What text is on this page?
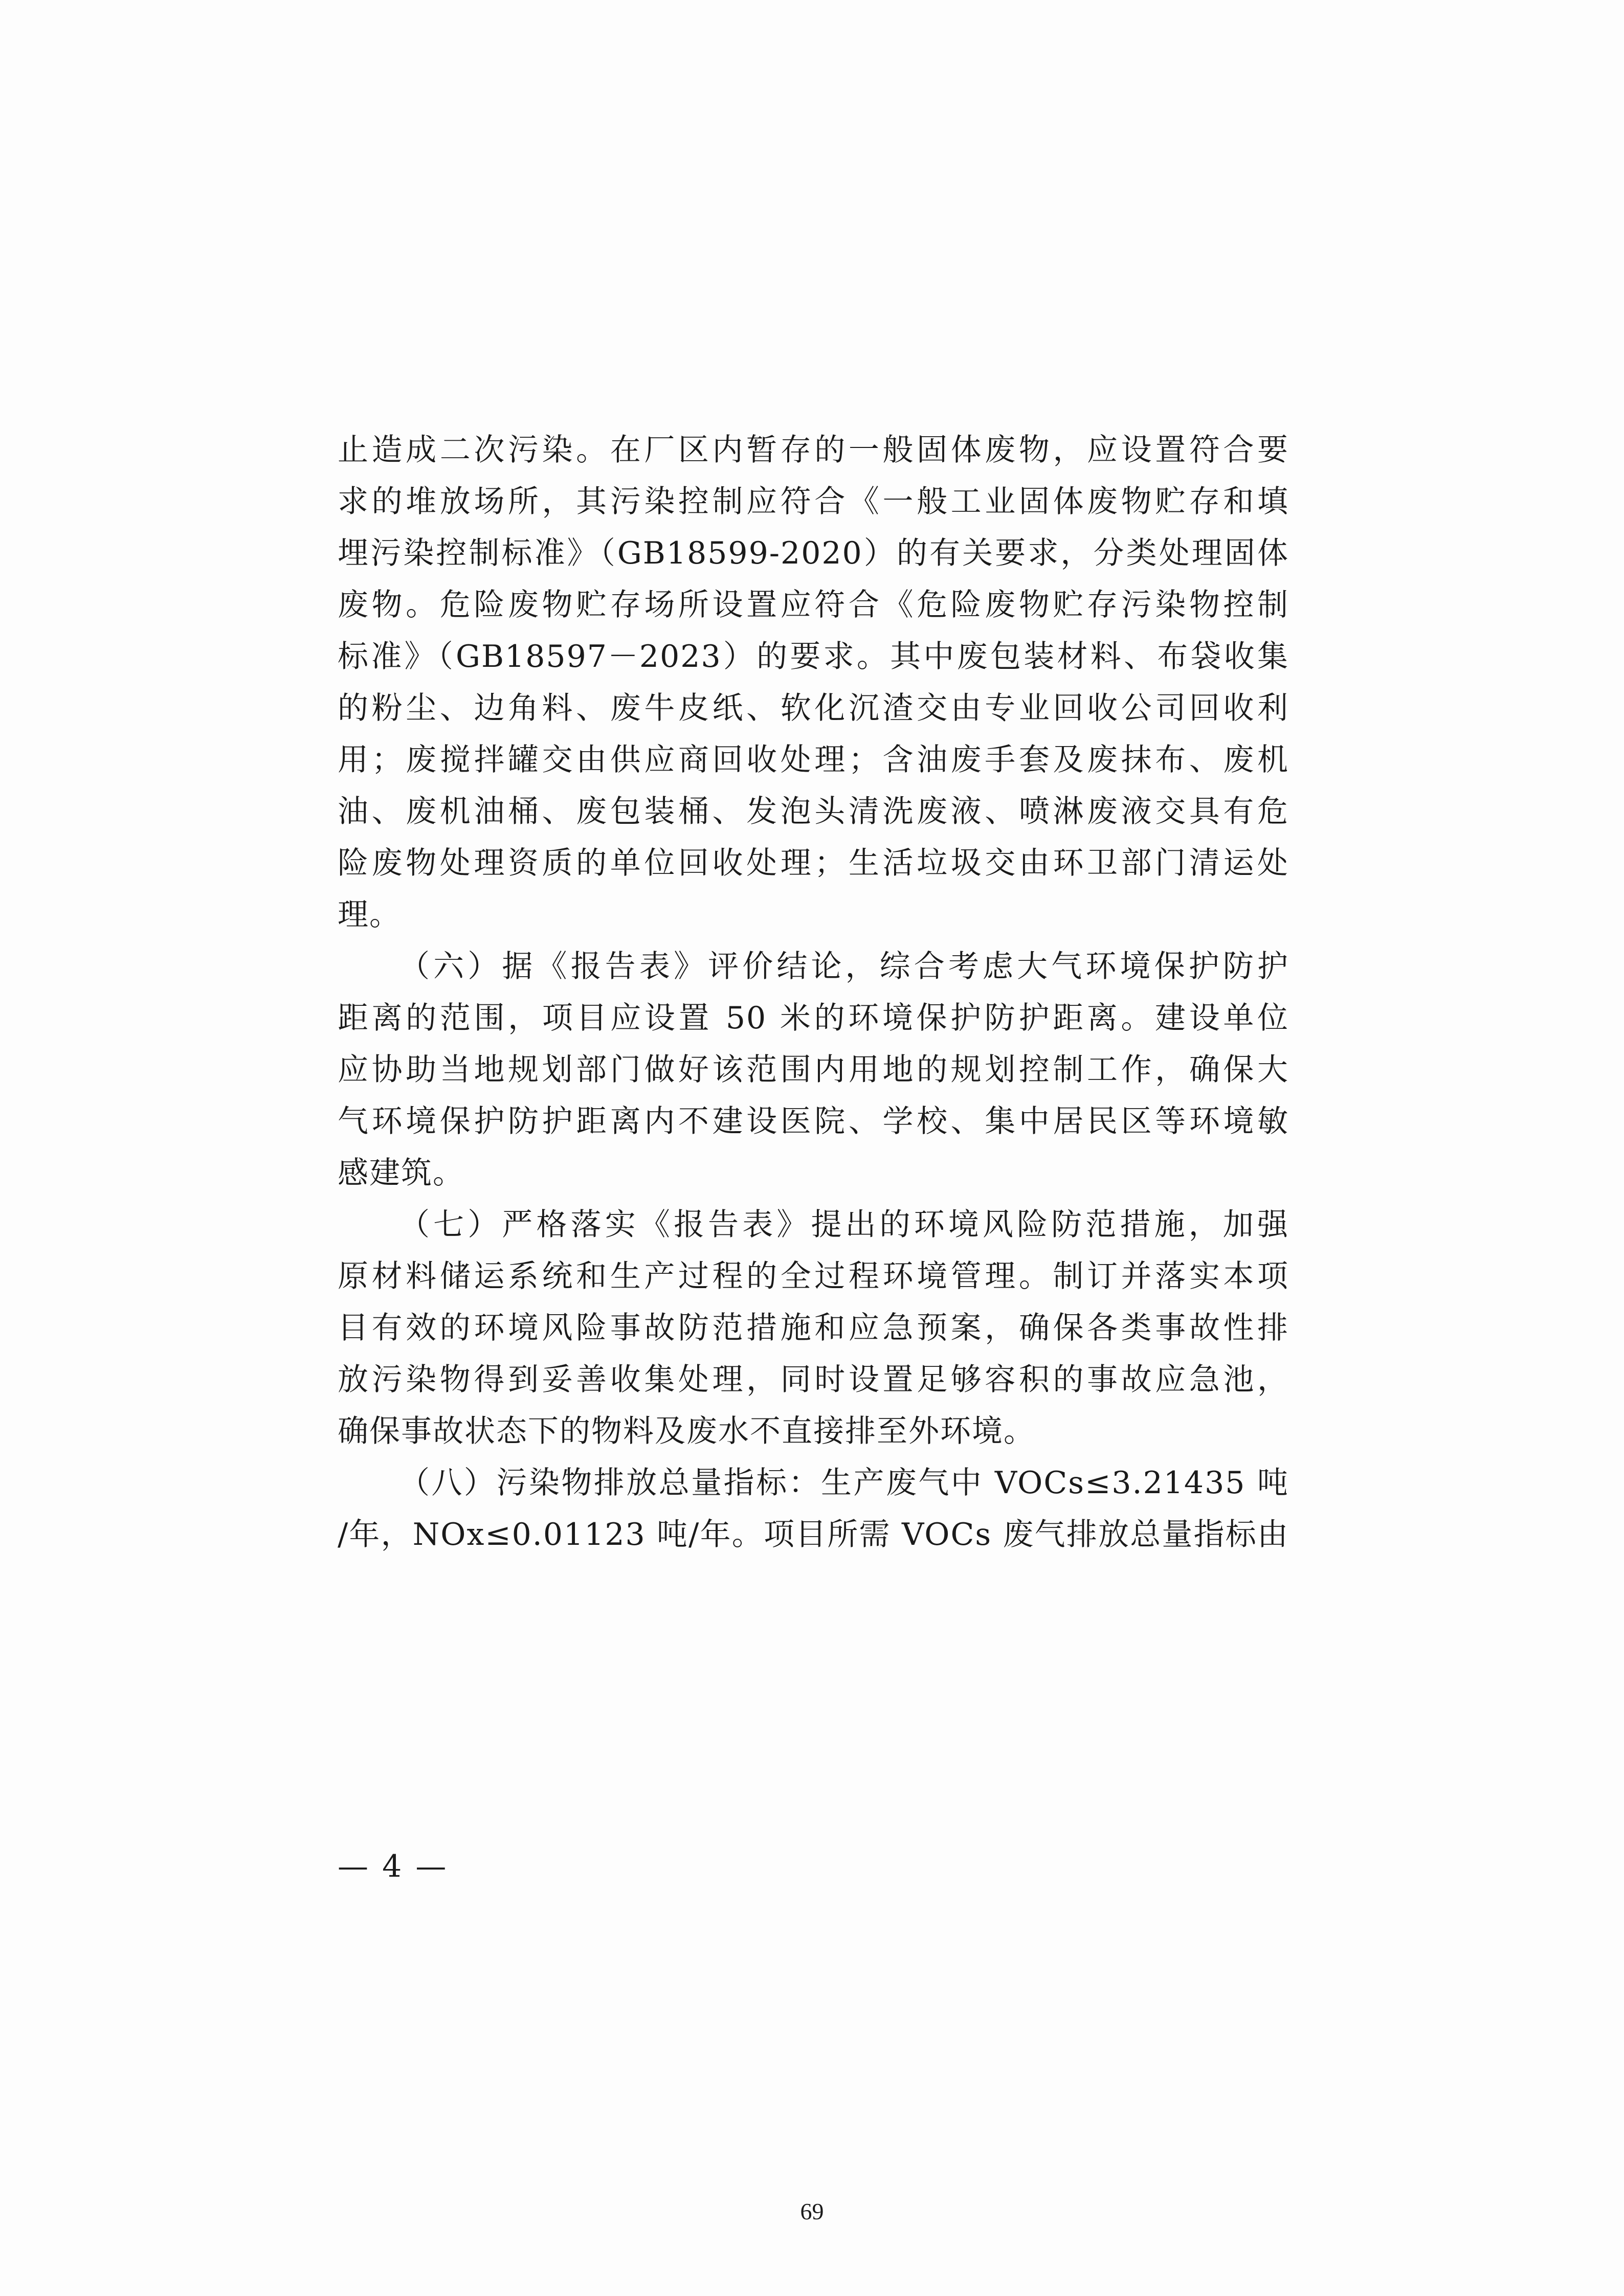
止造成二次污染。在厂区内暂存的一般固体废物，应设置符合要
求的堆放场所，其污染控制应符合《一般工业固体废物贮存和填
埋污染控制标准》（GB18599-2020）的有关要求，分类处理固体
废物。危险废物贮存场所设置应符合《危险废物贮存污染物控制
标准》（GB18597－2023）的要求。其中废包装材料、布袋收集
的粉尘、边角料、废牛皮纸、软化沉渣交由专业回收公司回收利
用；废搅拌罐交由供应商回收处理；含油废手套及废抹布、废机
油、废机油桶、废包装桶、发泡头清洗废液、喷淋废液交具有危
险废物处理资质的单位回收处理；生活垃圾交由环卫部门清运处
理。
（六）据《报告表》评价结论，综合考虑大气环境保护防护
距离的范围，项目应设置 50 米的环境保护防护距离。建设单位
应协助当地规划部门做好该范围内用地的规划控制工作，确保大
气环境保护防护距离内不建设医院、学校、集中居民区等环境敏
感建筑。
（七）严格落实《报告表》提出的环境风险防范措施，加强
原材料储运系统和生产过程的全过程环境管理。制订并落实本项
目有效的环境风险事故防范措施和应急预案，确保各类事故性排
放污染物得到妥善收集处理，同时设置足够容积的事故应急池，
确保事故状态下的物料及废水不直接排至外环境。
（八）污染物排放总量指标：生产废气中 VOCs≤3.21435 吨
/年，NOx≤0.01123 吨/年。项目所需 VOCs 废气排放总量指标由
— 4 —
69
